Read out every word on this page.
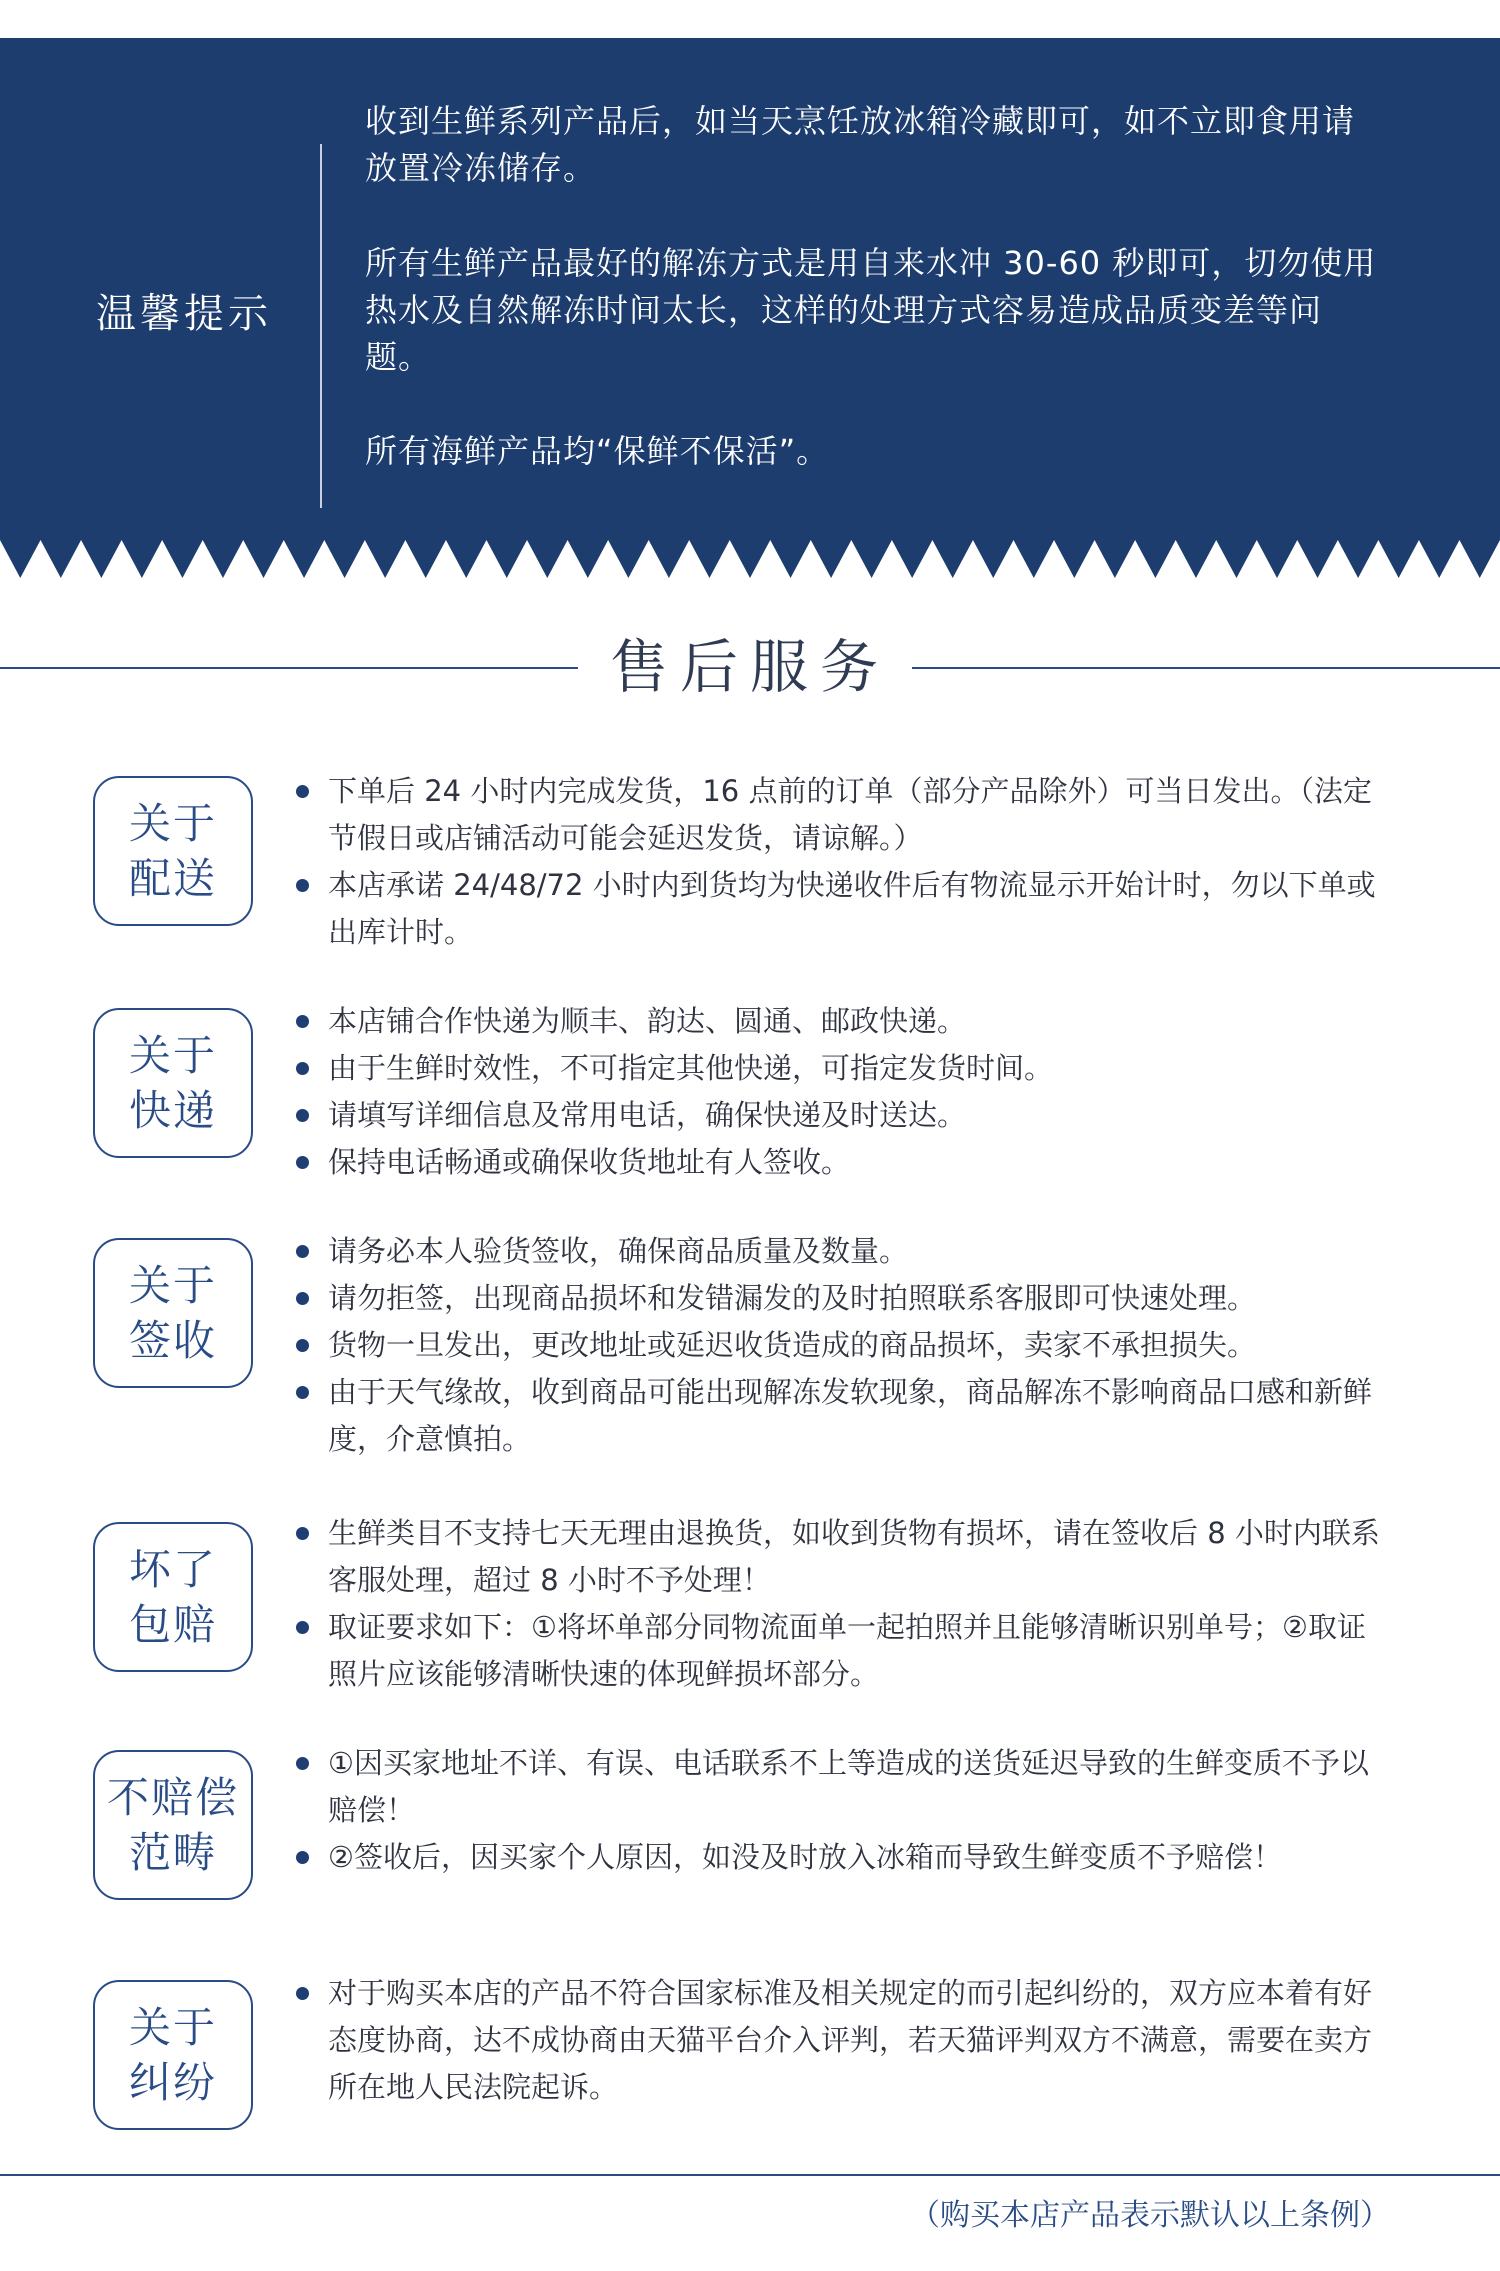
温馨提示
收到生鲜系列产品后，如当天烹饪放冰箱冷藏即可，如不立即食用请放置冷冻储存。
所有生鲜产品最好的解冻方式是用自来水冲 30-60 秒即可，切勿使用热水及自然解冻时间太长，这样的处理方式容易造成品质变差等问题。
所有海鲜产品均“保鲜不保活”。
售后服务
关于
配送
下单后 24 小时内完成发货，16 点前的订单（部分产品除外）可当日发出。（法定节假日或店铺活动可能会延迟发货，请谅解。）
本店承诺 24/48/72 小时内到货均为快递收件后有物流显示开始计时，勿以下单或出库计时。
关于
快递
本店铺合作快递为顺丰、韵达、圆通、邮政快递。
由于生鲜时效性，不可指定其他快递，可指定发货时间。
请填写详细信息及常用电话，确保快递及时送达。
保持电话畅通或确保收货地址有人签收。
关于
签收
请务必本人验货签收，确保商品质量及数量。
请勿拒签，出现商品损坏和发错漏发的及时拍照联系客服即可快速处理。
货物一旦发出，更改地址或延迟收货造成的商品损坏，卖家不承担损失。
由于天气缘故，收到商品可能出现解冻发软现象，商品解冻不影响商品口感和新鲜度，介意慎拍。
坏了
包赔
生鲜类目不支持七天无理由退换货，如收到货物有损坏，请在签收后 8 小时内联系客服处理，超过 8 小时不予处理！
取证要求如下：①将坏单部分同物流面单一起拍照并且能够清晰识别单号；②取证照片应该能够清晰快速的体现鲜损坏部分。
不赔偿
范畴
①因买家地址不详、有误、电话联系不上等造成的送货延迟导致的生鲜变质不予以赔偿！
②签收后，因买家个人原因，如没及时放入冰箱而导致生鲜变质不予赔偿！
关于
纠纷
对于购买本店的产品不符合国家标准及相关规定的而引起纠纷的，双方应本着有好态度协商，达不成协商由天猫平台介入评判，若天猫评判双方不满意，需要在卖方所在地人民法院起诉。
（购买本店产品表示默认以上条例）
